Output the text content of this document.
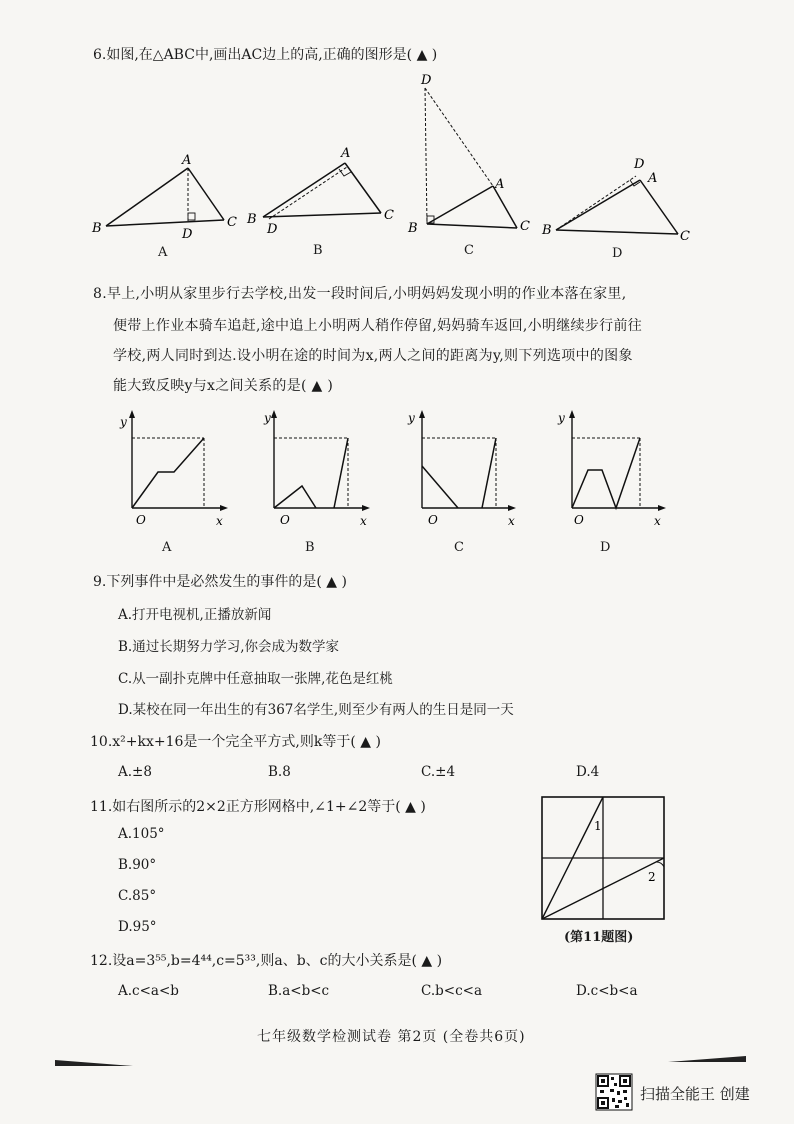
6.如图,在△ABC中,画出AC边上的高,正确的图形是( ▲ )
B
A
C
D
A
B
A
C
D
B
D
A
B	C
C
D
A
B	C
D
8.早上,小明从家里步行去学校,出发一段时间后,小明妈妈发现小明的作业本落在家里,
便带上作业本骑车追赶,途中追上小明两人稍作停留,妈妈骑车返回,小明继续步行前往
学校,两人同时到达.设小明在途的时间为x,两人之间的距离为y,则下列选项中的图象
能大致反映y与x之间关系的是( ▲ )
y
O	x
A
y
O	x
B
y
O	x
C
y
O	x
D
9.下列事件中是必然发生的事件的是( ▲ )
A.打开电视机,正播放新闻
B.通过长期努力学习,你会成为数学家
C.从一副扑克牌中任意抽取一张牌,花色是红桃
D.某校在同一年出生的有367名学生,则至少有两人的生日是同一天
10.x²+kx+16是一个完全平方式,则k等于( ▲ )
A.±8	B.8	C.±4	D.4
11.如右图所示的2×2正方形网格中,∠1+∠2等于( ▲ )
A.105°
B.90°
C.85°
D.95°
1
2
(第11题图)
12.设a=3⁵⁵,b=4⁴⁴,c=5³³,则a、b、c的大小关系是( ▲ )
A.c<a<b	B.a<b<c	C.b<c<a	D.c<b<a
七年级数学检测试卷 第2页 (全卷共6页)
扫描全能王 创建
